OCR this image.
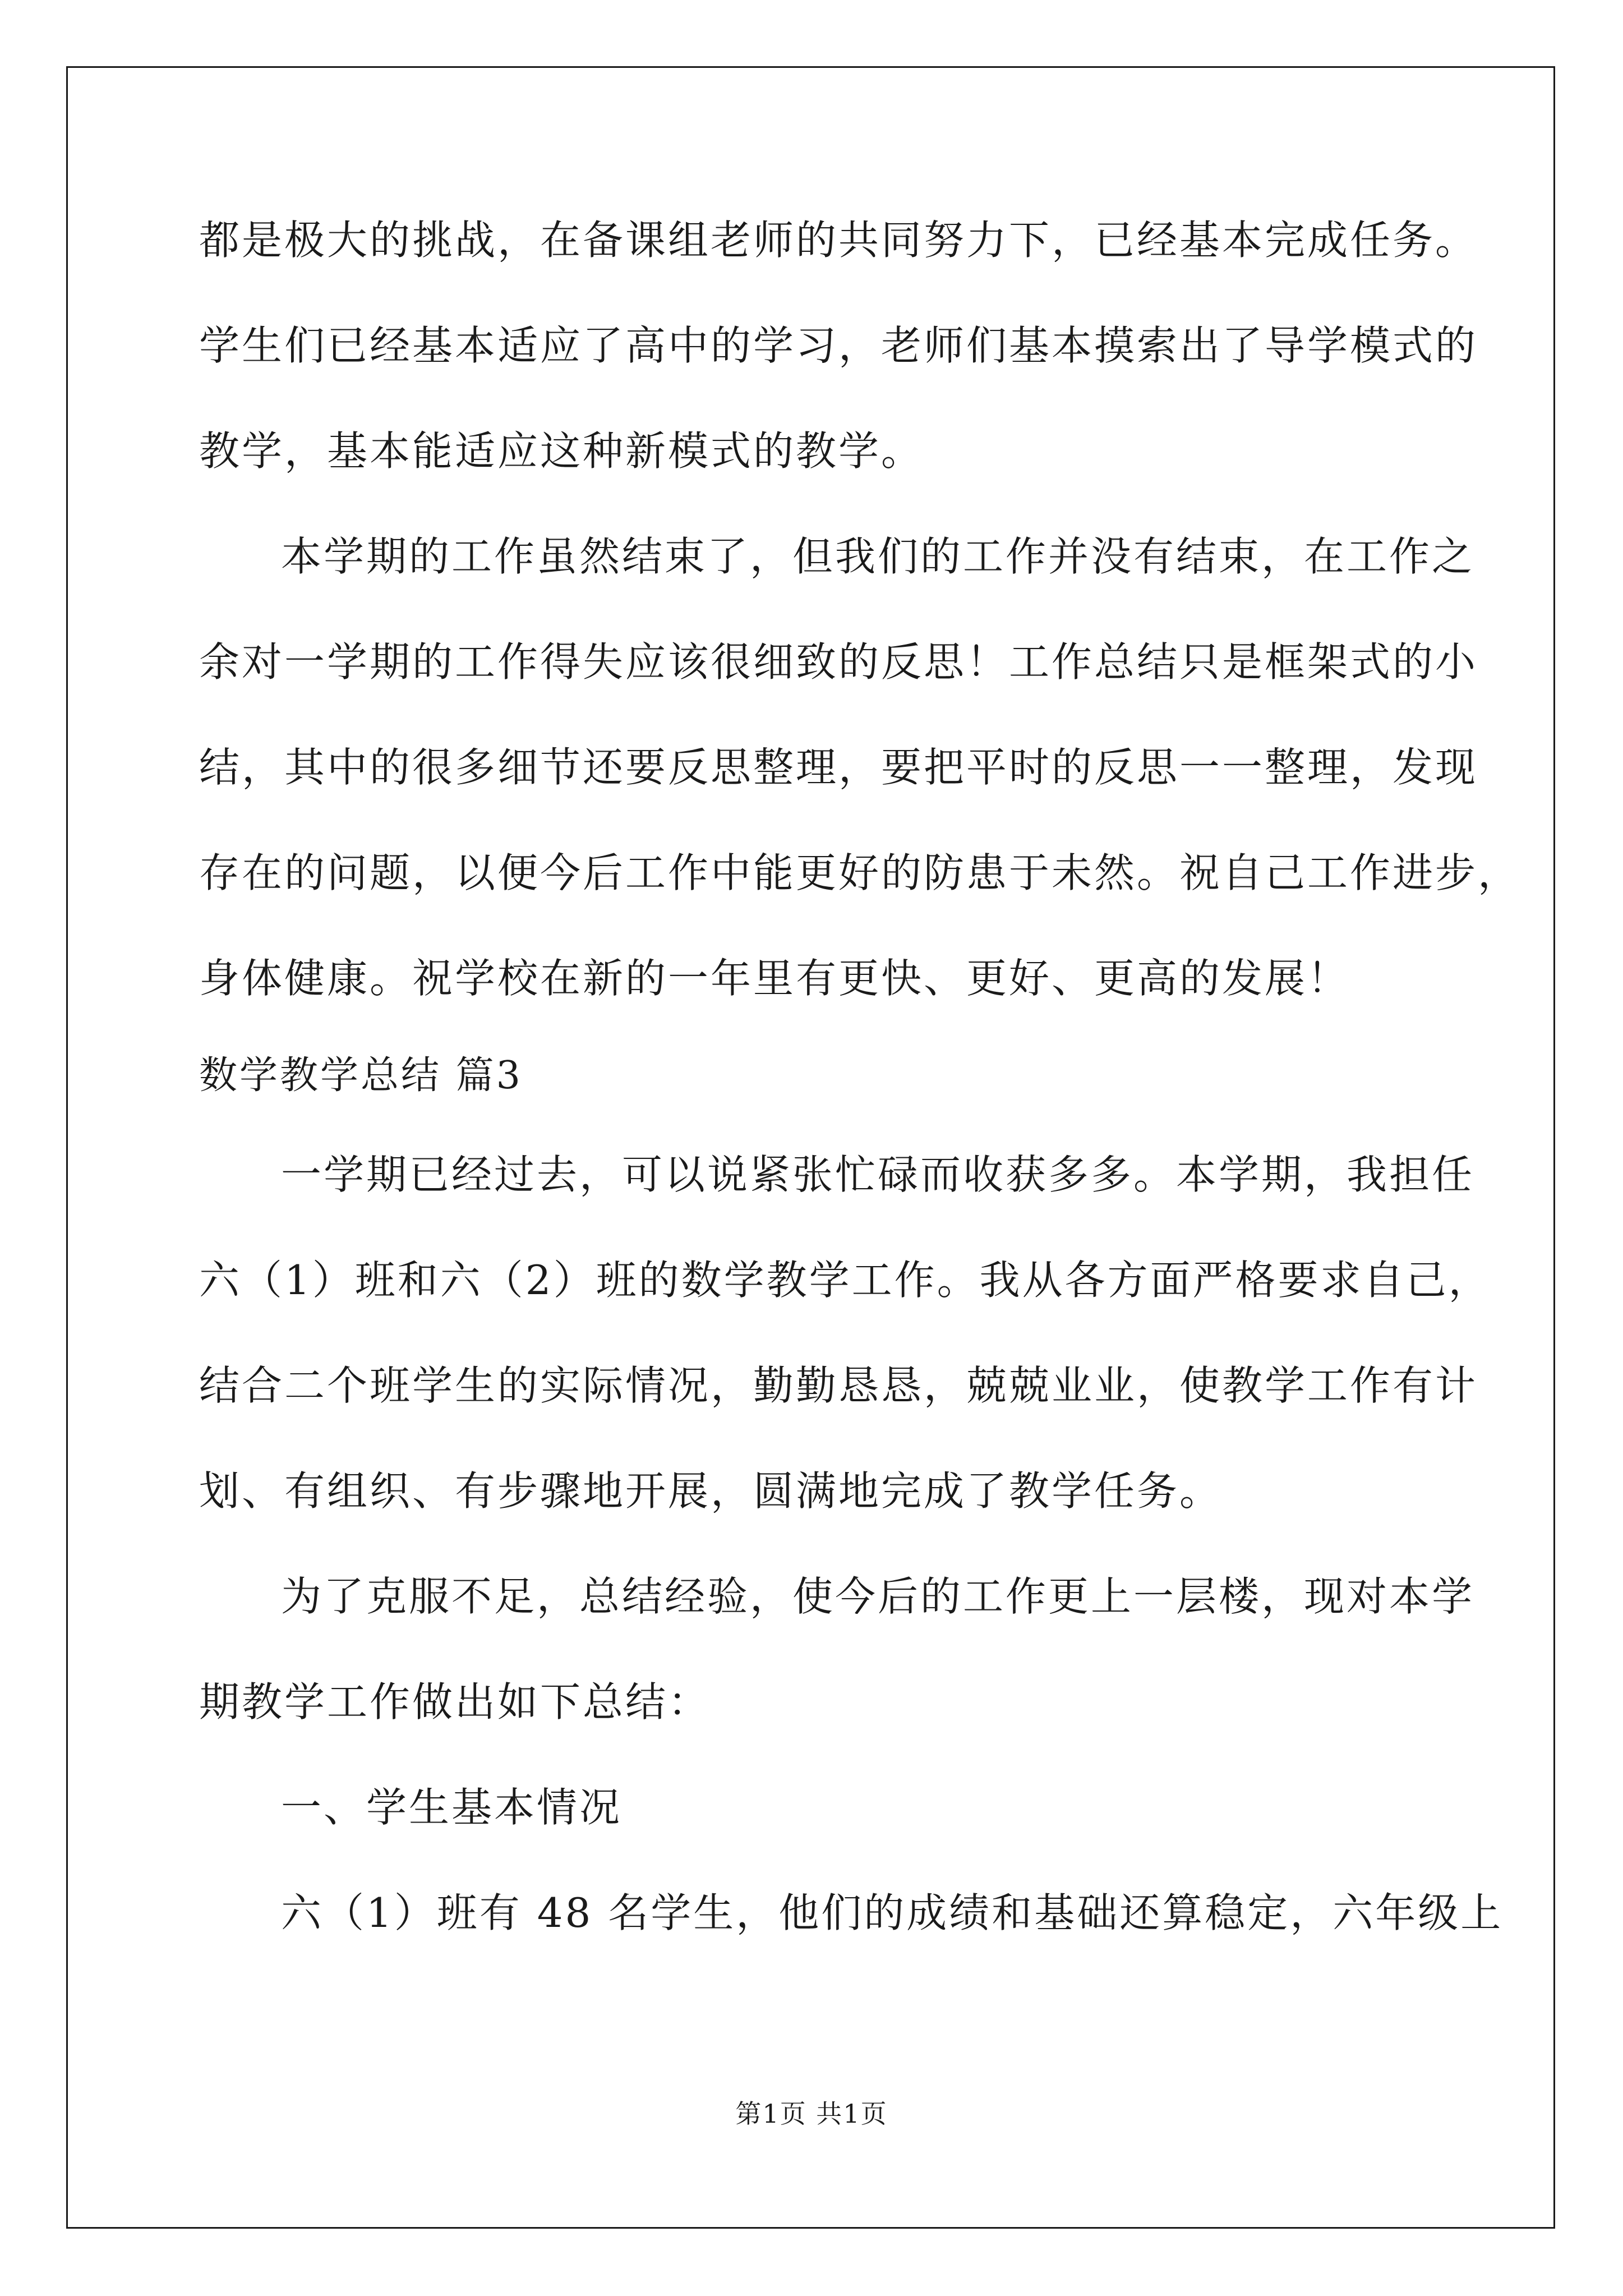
都是极大的挑战，在备课组老师的共同努力下，已经基本完成任务。
学生们已经基本适应了高中的学习，老师们基本摸索出了导学模式的
教学，基本能适应这种新模式的教学。
本学期的工作虽然结束了，但我们的工作并没有结束，在工作之
余对一学期的工作得失应该很细致的反思！工作总结只是框架式的小
结，其中的很多细节还要反思整理，要把平时的反思一一整理，发现
存在的问题，以便今后工作中能更好的防患于未然。祝自己工作进步，
身体健康。祝学校在新的一年里有更快、更好、更高的发展！
数学教学总结 篇3
一学期已经过去，可以说紧张忙碌而收获多多。本学期，我担任
六（1）班和六（2）班的数学教学工作。我从各方面严格要求自己，
结合二个班学生的实际情况，勤勤恳恳，兢兢业业，使教学工作有计
划、有组织、有步骤地开展，圆满地完成了教学任务。
为了克服不足，总结经验，使今后的工作更上一层楼，现对本学
期教学工作做出如下总结：
一、学生基本情况
六（1）班有 48 名学生，他们的成绩和基础还算稳定，六年级上
第1页 共1页
